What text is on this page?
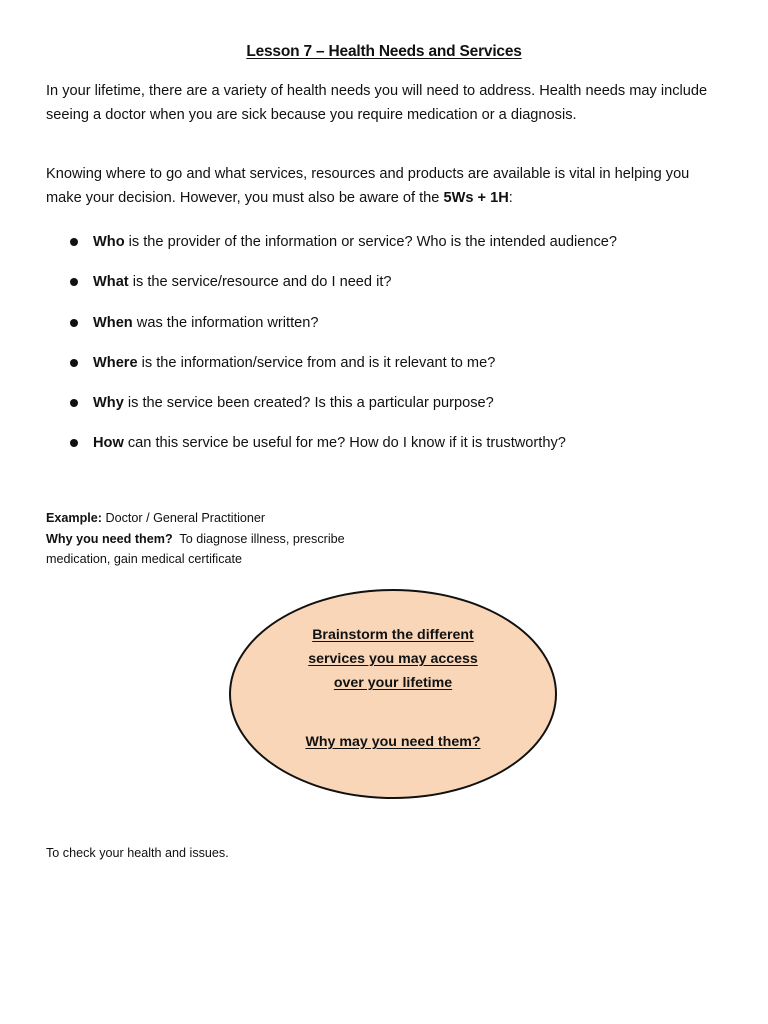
Lesson 7 – Health Needs and Services
In your lifetime, there are a variety of health needs you will need to address. Health needs may include seeing a doctor when you are sick because you require medication or a diagnosis.
Knowing where to go and what services, resources and products are available is vital in helping you make your decision. However, you must also be aware of the 5Ws + 1H:
Who is the provider of the information or service? Who is the intended audience?
What is the service/resource and do I need it?
When was the information written?
Where is the information/service from and is it relevant to me?
Why is the service been created? Is this a particular purpose?
How can this service be useful for me? How do I know if it is trustworthy?
Example: Doctor / General Practitioner
Why you need them?  To diagnose illness, prescribe
medication, gain medical certificate
Brainstorm the different
services you may access
over your lifetime
Why may you need them?
To check your health and issues.
